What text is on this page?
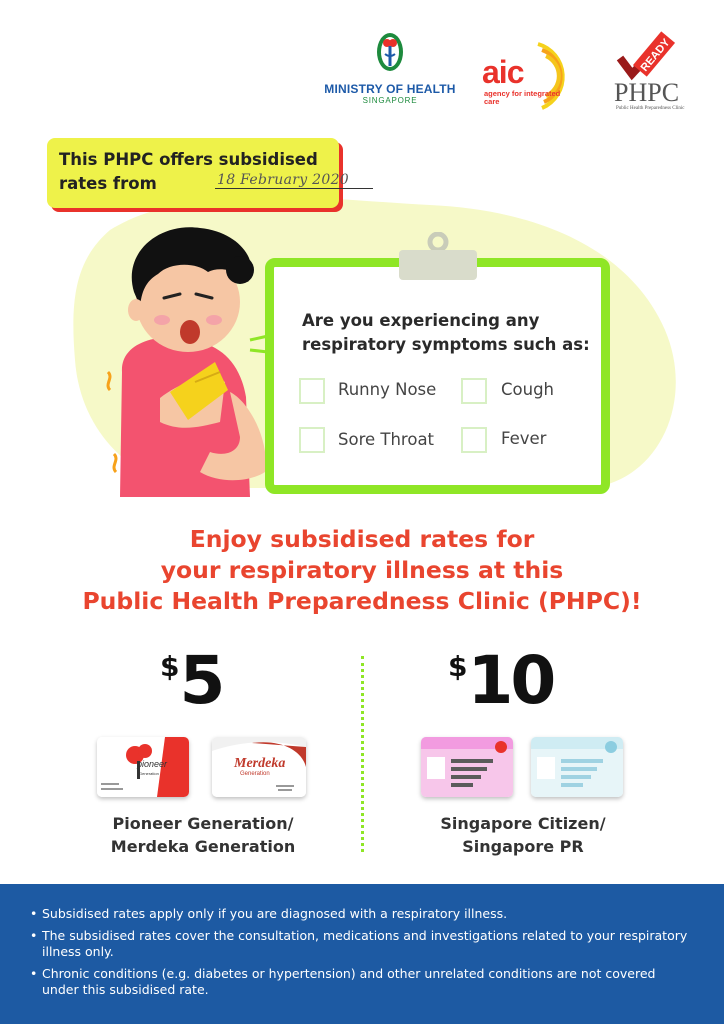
MINISTRY OF HEALTH
SINGAPORE
aic
agency for integrated care
READY
PHPC
Public Health Preparedness Clinic
This PHPC offers subsidised
rates from	18 February 2020
Are you experiencing any
respiratory symptoms such as:
Runny Nose	Cough
Sore Throat	Fever
Enjoy subsidised rates for
your respiratory illness at this
Public Health Preparedness Clinic (PHPC)!
$5	$10
pioneer
Generation
Merdeka
Generation
Pioneer Generation/
Merdeka Generation
Singapore Citizen/
Singapore PR
• Subsidised rates apply only if you are diagnosed with a respiratory illness.
• The subsidised rates cover the consultation, medications and investigations related to your respiratory illness only.
• Chronic conditions (e.g. diabetes or hypertension) and other unrelated conditions are not covered under this subsidised rate.
